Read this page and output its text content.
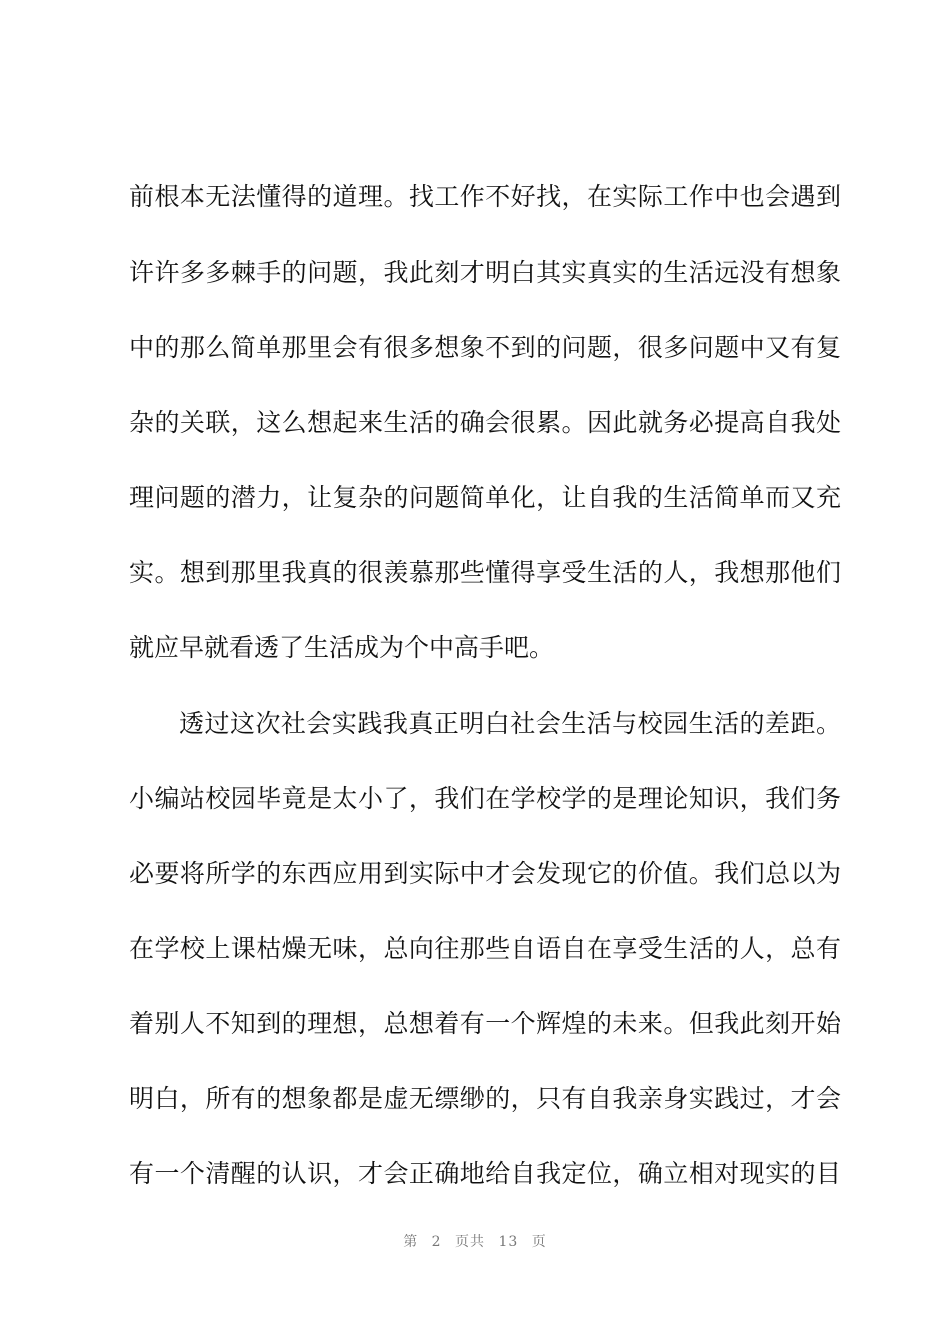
前根本无法懂得的道理。找工作不好找，在实际工作中也会遇到
许许多多棘手的问题，我此刻才明白其实真实的生活远没有想象
中的那么简单那里会有很多想象不到的问题，很多问题中又有复
杂的关联，这么想起来生活的确会很累。因此就务必提高自我处
理问题的潜力，让复杂的问题简单化，让自我的生活简单而又充
实。想到那里我真的很羡慕那些懂得享受生活的人，我想那他们
就应早就看透了生活成为个中高手吧。
透过这次社会实践我真正明白社会生活与校园生活的差距。
小编站校园毕竟是太小了，我们在学校学的是理论知识，我们务
必要将所学的东西应用到实际中才会发现它的价值。我们总以为
在学校上课枯燥无味，总向往那些自语自在享受生活的人，总有
着别人不知到的理想，总想着有一个辉煌的未来。但我此刻开始
明白，所有的想象都是虚无缥缈的，只有自我亲身实践过，才会
有一个清醒的认识，才会正确地给自我定位，确立相对现实的目
第 2 页共 13 页
